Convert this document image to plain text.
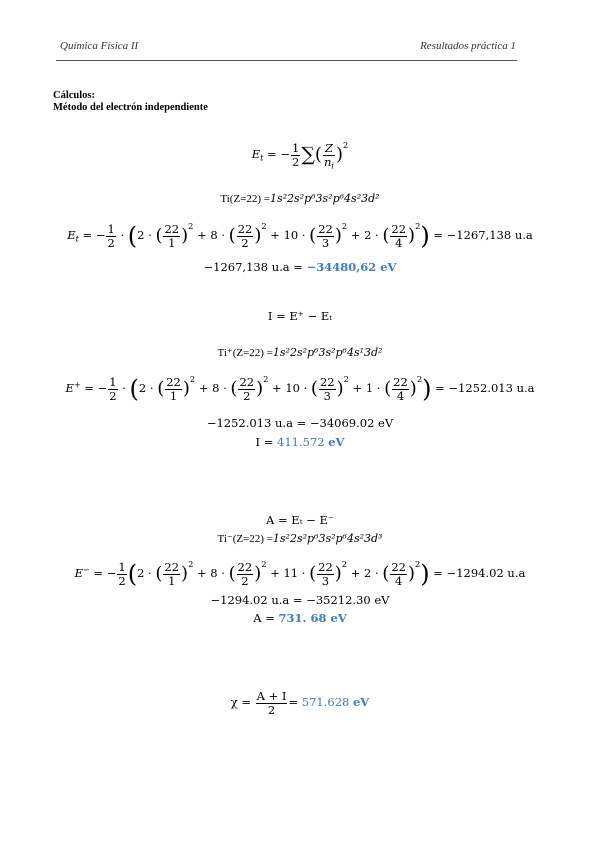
Química Física II	Resultados práctica 1
Cálculos:
Método del electrón independiente
$E_t$ = − $\frac{1}{2}$ ∑( $\frac{Z}{n_i} )^2$
Ti(Z=22) =1s²2s²p⁶3s²p⁶4s²3d²
$E_t$ = − $\frac{1}{2} \cdot (2$ · ( $\frac{22}{1} )^2 + 8$ · ( $\frac{22}{2} )^2 + 10$ · ( $\frac{22}{3} )^2 + 2$ · ( $\frac{22}{4} )^2) = -1267,138$ u.a
−1267,138 u.a = −34480,62 eV
I = E⁺ − Eₜ
Ti⁺(Z=22) =1s²2s²p⁶3s²p⁶4s¹3d²
E+ = − $\frac{1}{2} \cdot (2$ · ( $\frac{22}{1} )^2 + 8$ · ( $\frac{22}{2} )^2 + 10$ · ( $\frac{22}{3} )^2 + 1$ · ( $\frac{22}{4} )^2) = -1252.013$ u.a
−1252.013 u.a = −34069.02 eV
I = 411.572 eV
A = Eₜ − E⁻
Ti⁻(Z=22) =1s²2s²p⁶3s²p⁶4s²3d³
E− = − $\frac{1}{2} (2$ · ( $\frac{22}{1} )^2 + 8$ · ( $\frac{22}{2} )^2 + 11$ · ( $\frac{22}{3} )^2 + 2$ · ( $\frac{22}{4} )^2) = -1294.02$ u.a
−1294.02 u.a = −35212.30 eV
A = 731. 68 eV
$\chi = \frac{A + I}{2} = 571.628$ eV
